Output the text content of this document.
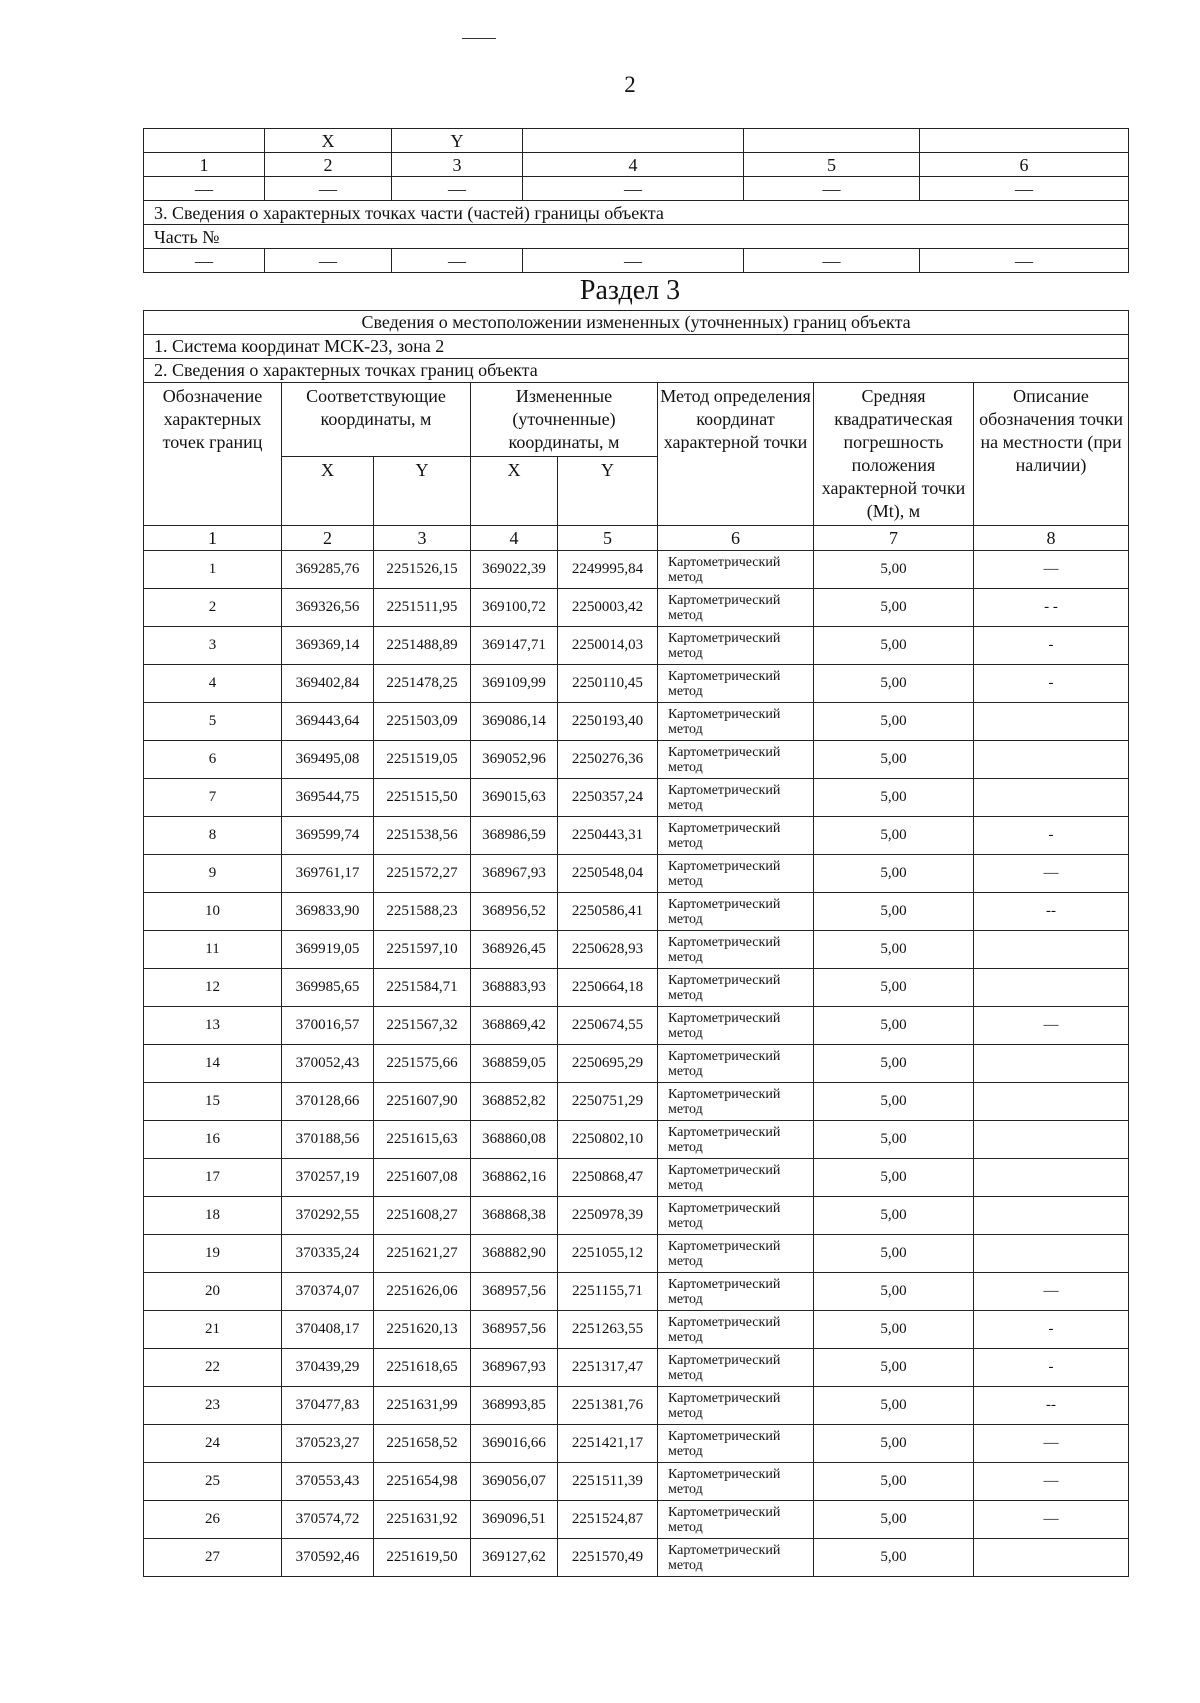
2
	X	Y			
1	2	3	4	5	6
—	—	—	—	—	—
3. Сведения о характерных точках части (частей) границы объекта					
Часть №					
—	—	—	—	—	—
Раздел 3
Сведения о местоположении измененных (уточненных) границ объекта							
1. Система координат МСК-23, зона 2							
2. Сведения о характерных точках границ объекта							
Обозначение характерных точек границ	Соответствующие координаты, м		Измененные (уточненные) координаты, м		Метод определения координат характерной точки	Средняя квадратическая погрешность положения характерной точки (Mt), м	Описание обозначения точки на местности (при наличии)
	X	Y	X	Y			
1	2	3	4	5	6	7	8
1	369285,76	2251526,15	369022,39	2249995,84	Картометрический метод	5,00	—
2	369326,56	2251511,95	369100,72	2250003,42	Картометрический метод	5,00	- -
3	369369,14	2251488,89	369147,71	2250014,03	Картометрический метод	5,00	-
4	369402,84	2251478,25	369109,99	2250110,45	Картометрический метод	5,00	-
5	369443,64	2251503,09	369086,14	2250193,40	Картометрический метод	5,00	
6	369495,08	2251519,05	369052,96	2250276,36	Картометрический метод	5,00	
7	369544,75	2251515,50	369015,63	2250357,24	Картометрический метод	5,00	
8	369599,74	2251538,56	368986,59	2250443,31	Картометрический метод	5,00	-
9	369761,17	2251572,27	368967,93	2250548,04	Картометрический метод	5,00	—
10	369833,90	2251588,23	368956,52	2250586,41	Картометрический метод	5,00	--
11	369919,05	2251597,10	368926,45	2250628,93	Картометрический метод	5,00	
12	369985,65	2251584,71	368883,93	2250664,18	Картометрический метод	5,00	
13	370016,57	2251567,32	368869,42	2250674,55	Картометрический метод	5,00	—
14	370052,43	2251575,66	368859,05	2250695,29	Картометрический метод	5,00	
15	370128,66	2251607,90	368852,82	2250751,29	Картометрический метод	5,00	
16	370188,56	2251615,63	368860,08	2250802,10	Картометрический метод	5,00	
17	370257,19	2251607,08	368862,16	2250868,47	Картометрический метод	5,00	
18	370292,55	2251608,27	368868,38	2250978,39	Картометрический метод	5,00	
19	370335,24	2251621,27	368882,90	2251055,12	Картометрический метод	5,00	
20	370374,07	2251626,06	368957,56	2251155,71	Картометрический метод	5,00	—
21	370408,17	2251620,13	368957,56	2251263,55	Картометрический метод	5,00	-
22	370439,29	2251618,65	368967,93	2251317,47	Картометрический метод	5,00	-
23	370477,83	2251631,99	368993,85	2251381,76	Картометрический метод	5,00	--
24	370523,27	2251658,52	369016,66	2251421,17	Картометрический метод	5,00	—
25	370553,43	2251654,98	369056,07	2251511,39	Картометрический метод	5,00	—
26	370574,72	2251631,92	369096,51	2251524,87	Картометрический метод	5,00	—
27	370592,46	2251619,50	369127,62	2251570,49	Картометрический метод	5,00	
